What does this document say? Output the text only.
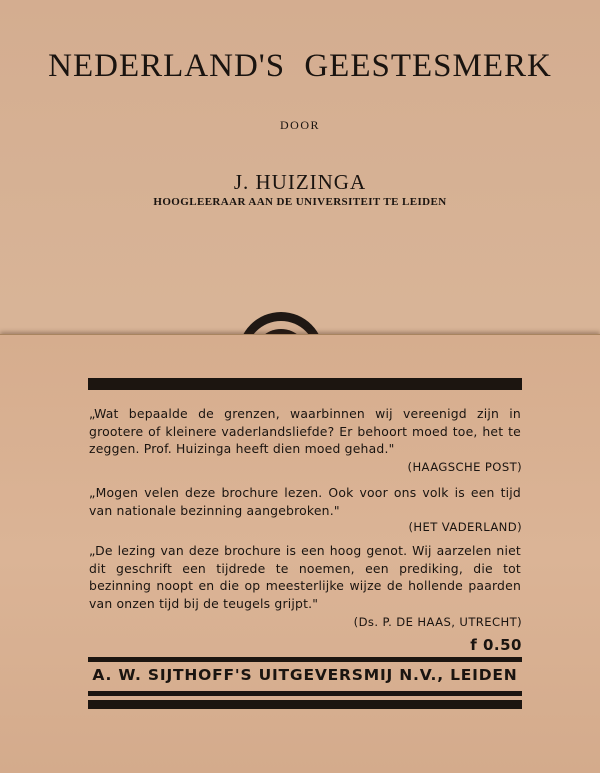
NEDERLAND'S GEESTESMERK
DOOR
J. HUIZINGA
HOOGLEERAAR AAN DE UNIVERSITEIT TE LEIDEN

„Wat bepaalde de grenzen, waarbinnen wij vereenigd zijn in grootere of kleinere vaderlandsliefde? Er behoort moed toe, het te zeggen. Prof. Huizinga heeft dien moed gehad."

(HAAGSCHE POST)

„Mogen velen deze brochure lezen. Ook voor ons volk is een tijd van nationale bezinning aangebroken."

(HET VADERLAND)

„De lezing van deze brochure is een hoog genot. Wij aarzelen niet dit geschrift een tijdrede te noemen, een prediking, die tot bezinning noopt en die op meesterlijke wijze de hollende paarden van onzen tijd bij de teugels grijpt."

(Ds. P. DE HAAS, UTRECHT)
f 0.50
A. W. SIJTHOFF'S UITGEVERSMIJ N.V., LEIDEN
